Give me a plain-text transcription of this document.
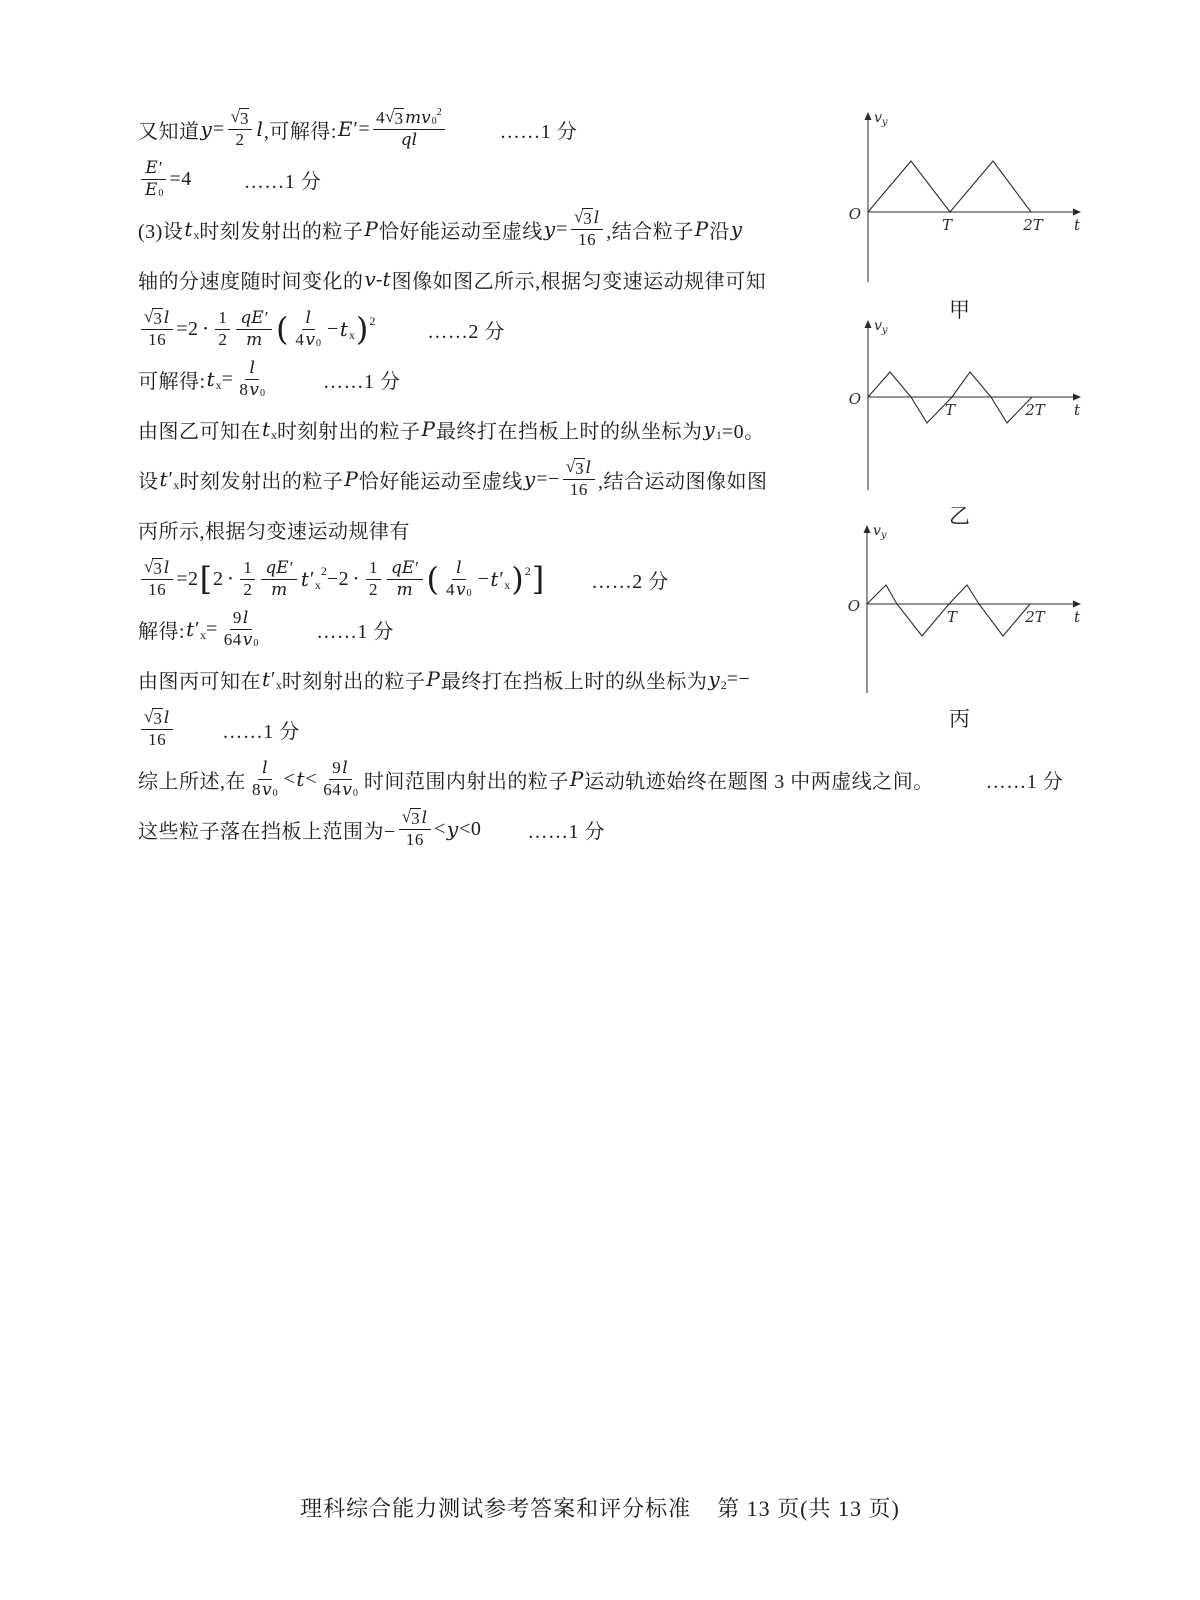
又知道 $y = \frac{√ 3}{2}$ l ,可解得: E ′ = 4 √ 3 mv 0
2
ql	……1 分
$\frac{E '}{E 0} =4$	……1 分
(3)设 t x 时刻发射出的粒子 P 恰好能运动至虚线 $y = \frac{√ 3 l}{16}$ ,结合粒子 P 沿 y
轴的分速度随时间变化的 v-t 图像如图乙所示,根据匀变速运动规律可知
$\frac{√ 3 l}{16} =2$ •
1
2
qE ′
m ( l
4 v 0
− t x ) 2	……2 分
可解得: t $x = \frac{l}{8 v 0}$	……1 分
由图乙可知在 t x 时刻射出的粒子 P 最终打在挡板上时的纵坐标为 y 1 =0。
设 t ′ x 时刻发射出的粒子 P 恰好能运动至虚线 $y =- \frac{√ 3 l}{16}$ ,结合运动图像如图
丙所示,根据匀变速运动规律有
$\frac{√ 3 l}{16} =2$ [ 2 •
1
2
qE ′
m t ′ x
2 −2 •
1
2
qE ′
m ( l
4 v 0
− t ′ x ) 2 ] ……2 分
解得: t ′ $x = \frac{9 l}{64 v 0}$	……1 分
由图丙可知在 t ′ x 时刻射出的粒子 P 最终打在挡板上时的纵坐标为 y 2 =−
√ 3 l
16	……1 分
综上所述,在
l
8 v 0
< t <
9 l
64 v 0
时间范围内射出的粒子 P 运动轨迹始终在题图 3 中两虚线之间。	……1 分
这些粒子落在挡板上范围为− $\frac{√ 3 l}{16} < y <0$ ……1 分
O
$v_y$
t
T	2T
甲
O
$v_y$
t
T	2T
乙
O
$v_y$
t
T	2T
丙
理科综合能力测试参考答案和评分标准 第 13 页(共 13 页)
